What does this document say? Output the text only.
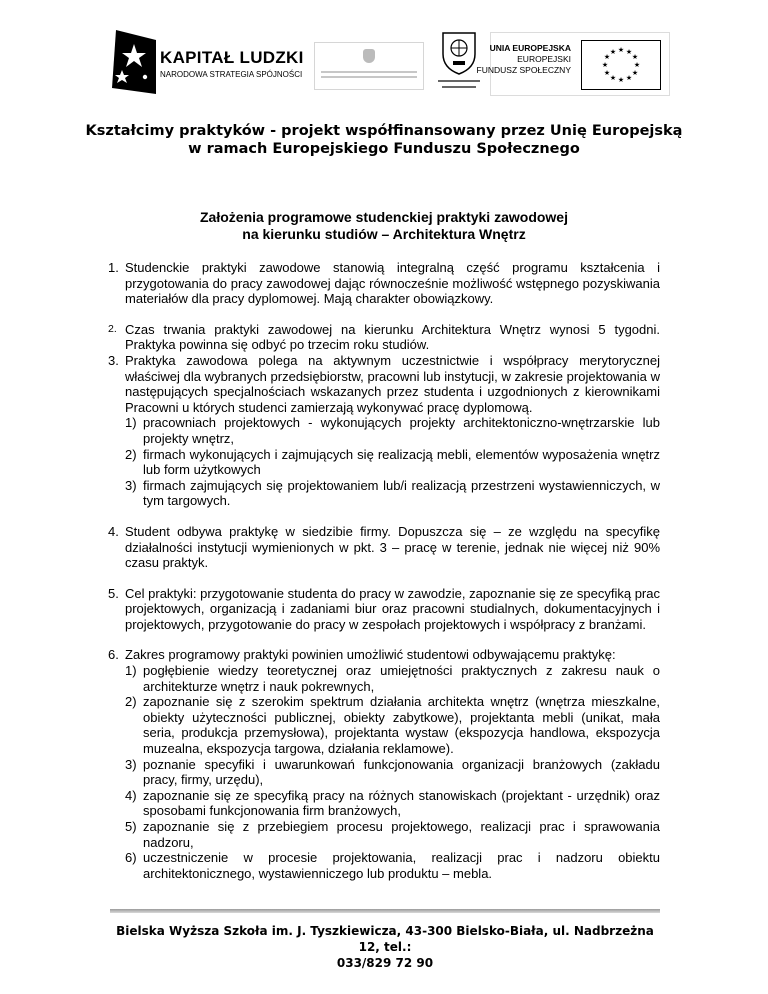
KAPITAŁ LUDZKI
NARODOWA STRATEGIA SPÓJNOŚCI
UNIA EUROPEJSKA
EUROPEJSKI
FUNDUSZ SPOŁECZNY
★ ★
★
★
★
★
★
★
★
★
★
★
Kształcimy praktyków - projekt współfinansowany przez Unię Europejską
w ramach Europejskiego Funduszu Społecznego
Założenia programowe studenckiej praktyki zawodowej
na kierunku studiów – Architektura Wnętrz
1. Studenckie praktyki zawodowe stanowią integralną część programu kształcenia i przygotowania do pracy zawodowej dając równocześnie możliwość wstępnego pozyskiwania materiałów dla pracy dyplomowej. Mają charakter obowiązkowy.
2. Czas trwania praktyki zawodowej na kierunku Architektura Wnętrz wynosi 5 tygodni. Praktyka powinna się odbyć po trzecim roku studiów.
3. Praktyka zawodowa polega na aktywnym uczestnictwie i współpracy merytorycznej właściwej dla wybranych przedsiębiorstw, pracowni lub instytucji, w zakresie projektowania w następujących specjalnościach wskazanych przez studenta i uzgodnionych z kierownikami Pracowni u których studenci zamierzają wykonywać pracę dyplomową.
1) pracowniach projektowych - wykonujących projekty architektoniczno-wnętrzarskie lub projekty wnętrz,
2) firmach wykonujących i zajmujących się realizacją mebli, elementów wyposażenia wnętrz lub form użytkowych
3) firmach zajmujących się projektowaniem lub/i realizacją przestrzeni wystawienniczych, w tym targowych.
4. Student odbywa praktykę w siedzibie firmy. Dopuszcza się – ze względu na specyfikę działalności instytucji wymienionych w pkt. 3 – pracę w terenie, jednak nie więcej niż 90% czasu praktyk.
5. Cel praktyki: przygotowanie studenta do pracy w zawodzie, zapoznanie się ze specyfiką prac projektowych, organizacją i zadaniami biur oraz pracowni studialnych, dokumentacyjnych i projektowych, przygotowanie do pracy w zespołach projektowych i współpracy z branżami.
6. Zakres programowy praktyki powinien umożliwić studentowi odbywającemu praktykę:
1) pogłębienie wiedzy teoretycznej oraz umiejętności praktycznych z zakresu nauk o architekturze wnętrz i nauk pokrewnych,
2) zapoznanie się z szerokim spektrum działania architekta wnętrz (wnętrza mieszkalne, obiekty użyteczności publicznej, obiekty zabytkowe), projektanta mebli (unikat, mała seria, produkcja przemysłowa), projektanta wystaw (ekspozycja handlowa, ekspozycja muzealna, ekspozycja targowa, działania reklamowe).
3) poznanie specyfiki i uwarunkowań funkcjonowania organizacji branżowych (zakładu pracy, firmy, urzędu),
4) zapoznanie się ze specyfiką pracy na różnych stanowiskach (projektant - urzędnik) oraz sposobami funkcjonowania firm branżowych,
5) zapoznanie się z przebiegiem procesu projektowego, realizacji prac i sprawowania nadzoru,
6) uczestniczenie w procesie projektowania, realizacji prac i nadzoru obiektu architektonicznego, wystawienniczego lub produktu – mebla.
Bielska Wyższa Szkoła im. J. Tyszkiewicza, 43-300 Bielsko-Biała, ul. Nadbrzeżna 12, tel.:
033/829 72 90
